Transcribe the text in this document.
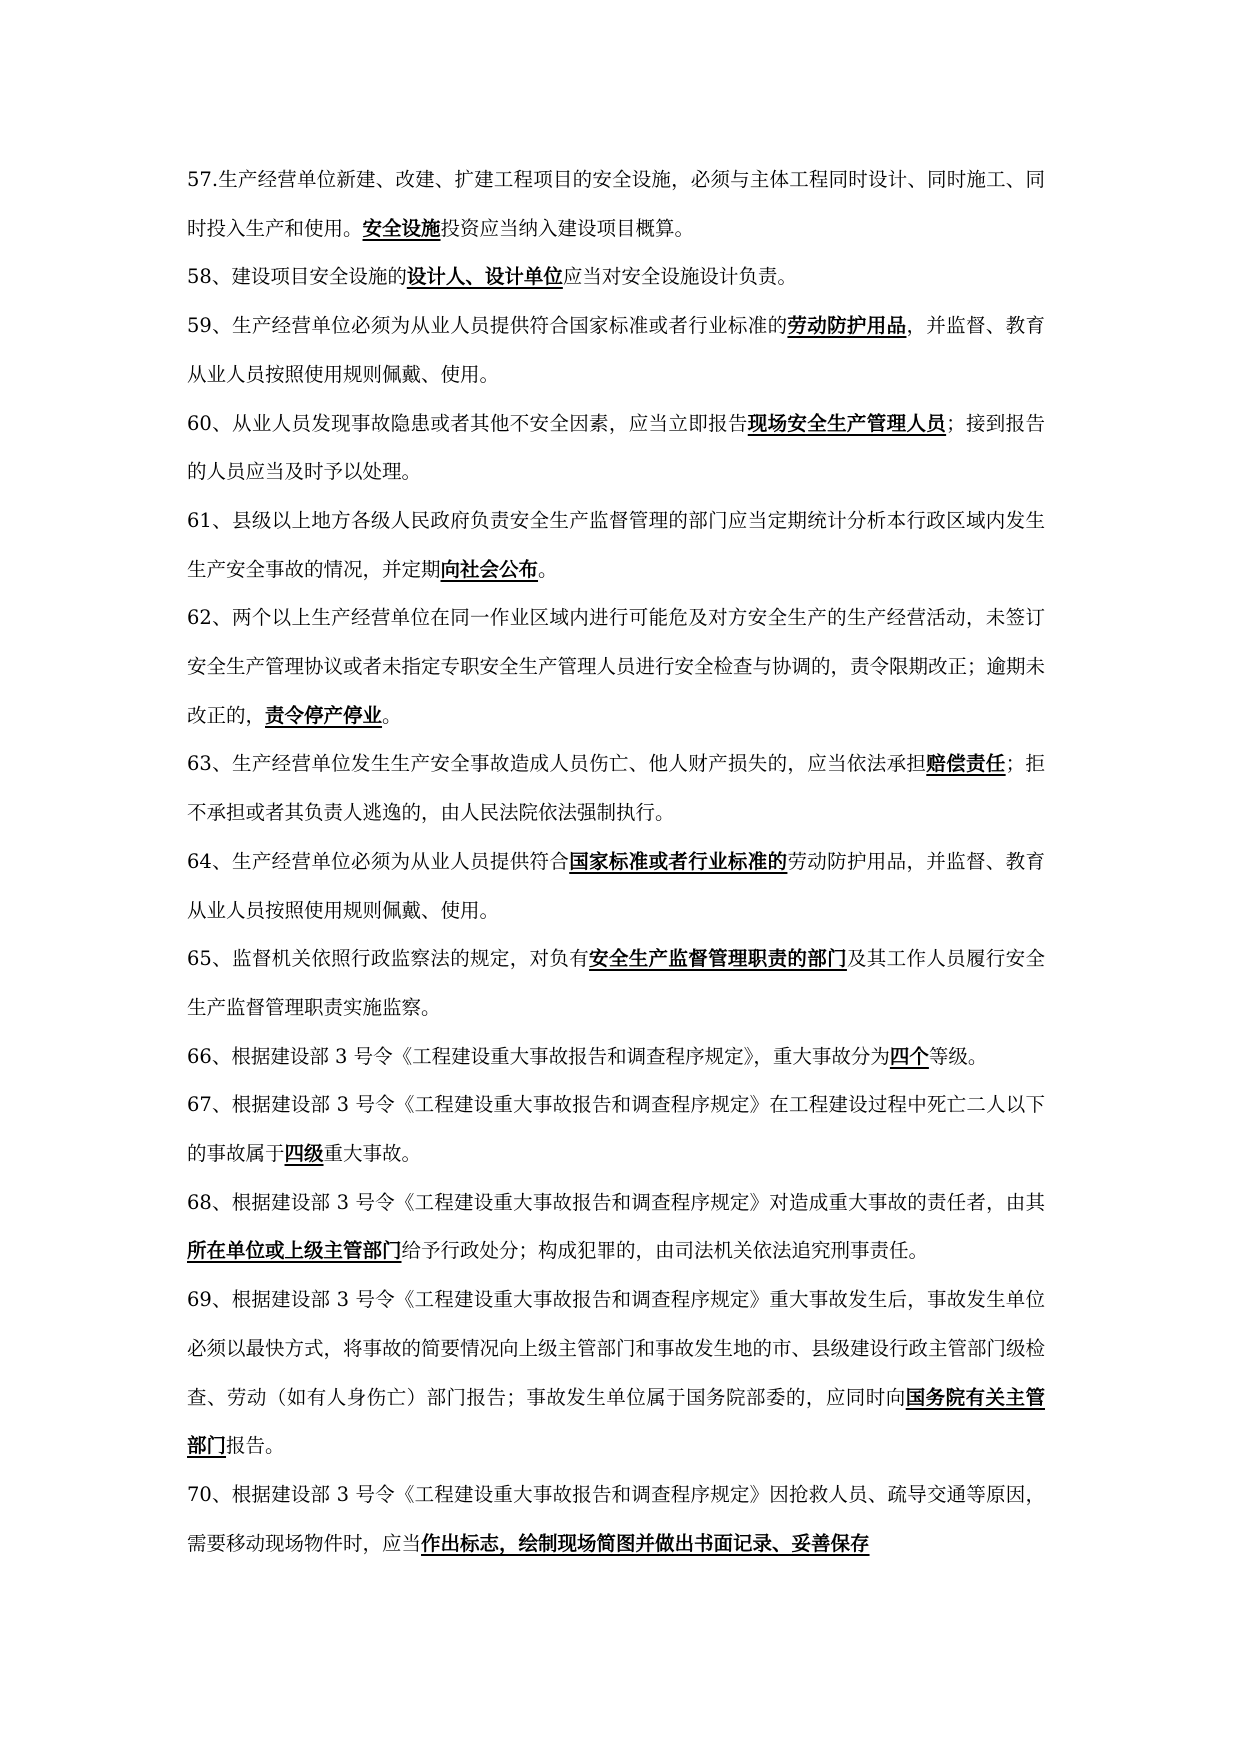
57.生产经营单位新建、改建、扩建工程项目的安全设施，必须与主体工程同时设计、同时施工、同时投入生产和使用。安全设施投资应当纳入建设项目概算。

58、建设项目安全设施的设计人、设计单位应当对安全设施设计负责。

59、生产经营单位必须为从业人员提供符合国家标准或者行业标准的劳动防护用品，并监督、教育从业人员按照使用规则佩戴、使用。

60、从业人员发现事故隐患或者其他不安全因素，应当立即报告现场安全生产管理人员；接到报告的人员应当及时予以处理。

61、县级以上地方各级人民政府负责安全生产监督管理的部门应当定期统计分析本行政区域内发生生产安全事故的情况，并定期向社会公布。

62、两个以上生产经营单位在同一作业区域内进行可能危及对方安全生产的生产经营活动，未签订安全生产管理协议或者未指定专职安全生产管理人员进行安全检查与协调的，责令限期改正；逾期未改正的，责令停产停业。

63、生产经营单位发生生产安全事故造成人员伤亡、他人财产损失的，应当依法承担赔偿责任；拒不承担或者其负责人逃逸的，由人民法院依法强制执行。

64、生产经营单位必须为从业人员提供符合国家标准或者行业标准的劳动防护用品，并监督、教育从业人员按照使用规则佩戴、使用。

65、监督机关依照行政监察法的规定，对负有安全生产监督管理职责的部门及其工作人员履行安全生产监督管理职责实施监察。

66、根据建设部 3 号令《工程建设重大事故报告和调查程序规定》，重大事故分为四个等级。

67、根据建设部 3 号令《工程建设重大事故报告和调查程序规定》在工程建设过程中死亡二人以下的事故属于四级重大事故。

68、根据建设部 3 号令《工程建设重大事故报告和调查程序规定》对造成重大事故的责任者，由其所在单位或上级主管部门给予行政处分；构成犯罪的，由司法机关依法追究刑事责任。

69、根据建设部 3 号令《工程建设重大事故报告和调查程序规定》重大事故发生后，事故发生单位必须以最快方式，将事故的简要情况向上级主管部门和事故发生地的市、县级建设行政主管部门级检查、劳动（如有人身伤亡）部门报告；事故发生单位属于国务院部委的，应同时向国务院有关主管部门报告。

70、根据建设部 3 号令《工程建设重大事故报告和调查程序规定》因抢救人员、疏导交通等原因，需要移动现场物件时，应当作出标志，绘制现场简图并做出书面记录、妥善保存
